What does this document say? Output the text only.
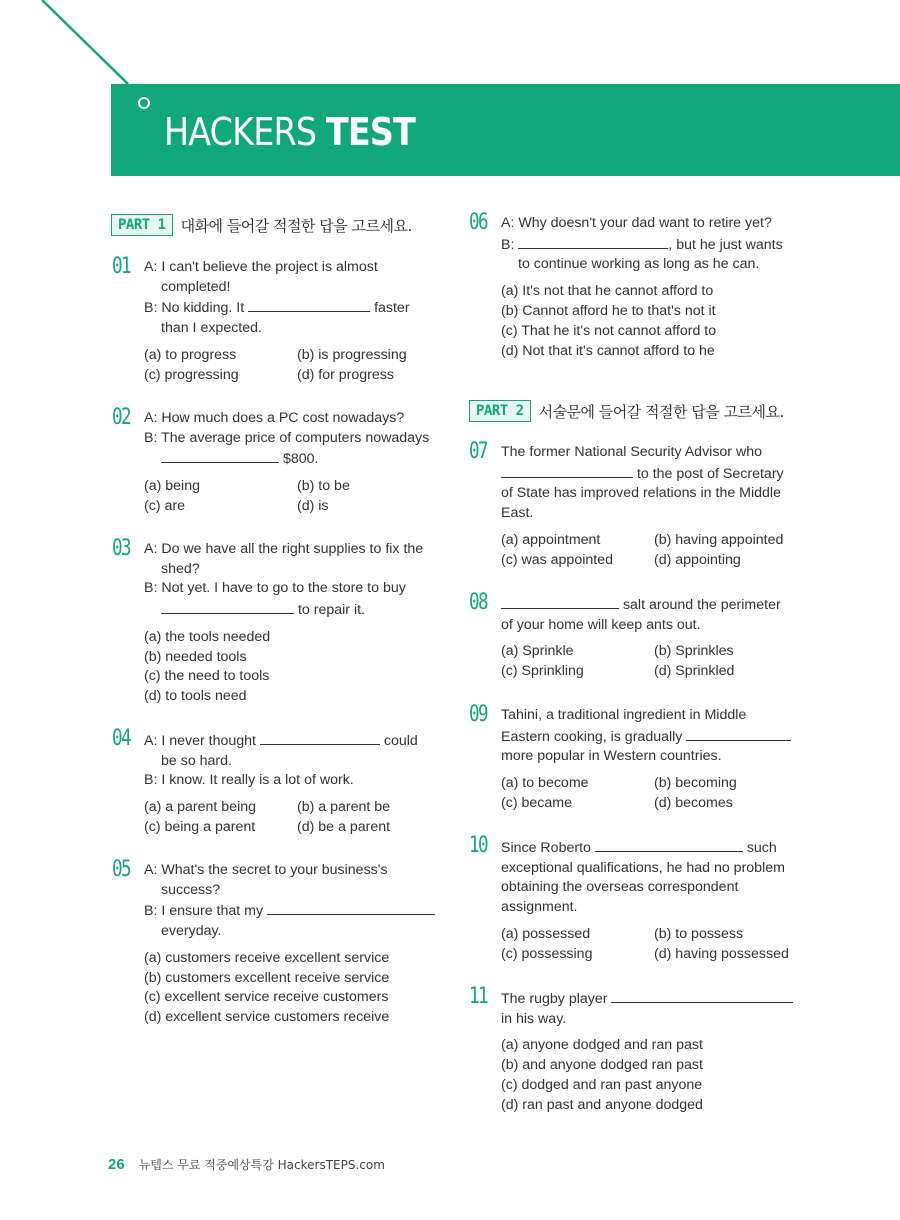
HACKERS TEST
PART 1	대화에 들어갈 적절한 답을 고르세요.
01 A: I can't believe the project is almost
completed!
B: No kidding. It	faster
than I expected.
(a) to progress	(b) is progressing
(c) progressing	(d) for progress
02 A: How much does a PC cost nowadays?
B: The average price of computers nowadays
$800.
(a) being	(b) to be
(c) are	(d) is
03 A: Do we have all the right supplies to fix the
shed?
B: Not yet. I have to go to the store to buy
to repair it.
(a) the tools needed
(b) needed tools
(c) the need to tools
(d) to tools need
04 A: I never thought	could
be so hard.
B: I know. It really is a lot of work.
(a) a parent being	(b) a parent be
(c) being a parent	(d) be a parent
05 A: What's the secret to your business's
success?
B: I ensure that my
everyday.
(a) customers receive excellent service
(b) customers excellent receive service
(c) excellent service receive customers
(d) excellent service customers receive
06 A: Why doesn't your dad want to retire yet?
B:	, but he just wants
to continue working as long as he can.
(a) It's not that he cannot afford to
(b) Cannot afford he to that's not it
(c) That he it's not cannot afford to
(d) Not that it's cannot afford to he
PART 2	서술문에 들어갈 적절한 답을 고르세요.
07 The former National Security Advisor who
to the post of Secretary
of State has improved relations in the Middle
East.
(a) appointment	(b) having appointed
(c) was appointed	(d) appointing
08	salt around the perimeter
of your home will keep ants out.
(a) Sprinkle	(b) Sprinkles
(c) Sprinkling	(d) Sprinkled
09 Tahini, a traditional ingredient in Middle
Eastern cooking, is gradually
more popular in Western countries.
(a) to become	(b) becoming
(c) became	(d) becomes
10 Since Roberto	such
exceptional qualifications, he had no problem
obtaining the overseas correspondent
assignment.
(a) possessed	(b) to possess
(c) possessing	(d) having possessed
11 The rugby player
in his way.
(a) anyone dodged and ran past
(b) and anyone dodged ran past
(c) dodged and ran past anyone
(d) ran past and anyone dodged
26 뉴텝스 무료 적중예상특강 HackersTEPS.com
